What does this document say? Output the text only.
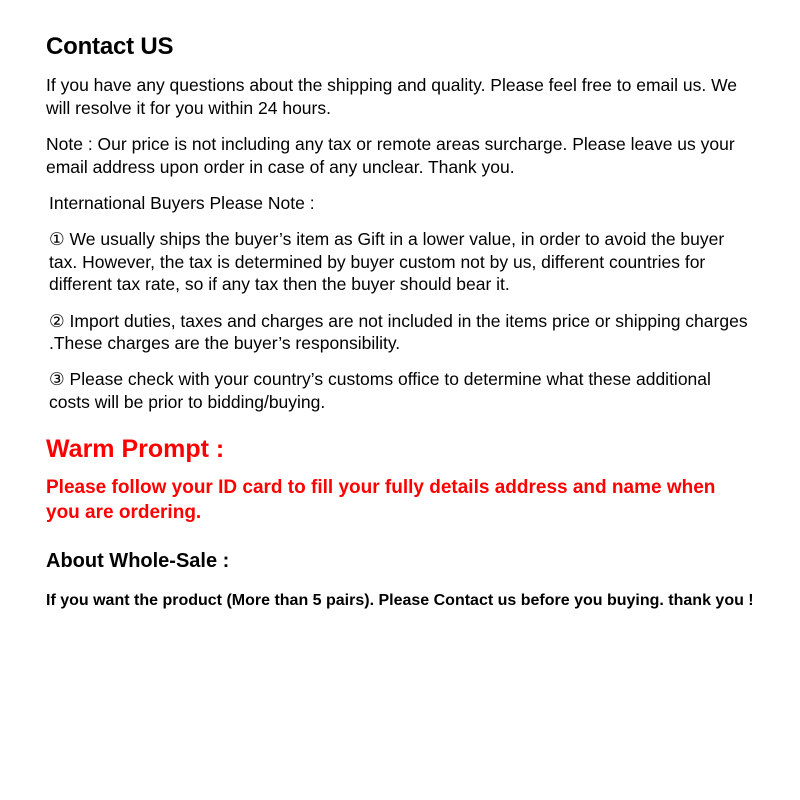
Contact US

If you have any questions about the shipping and quality. Please feel free to email us. We will resolve it for you within 24 hours.

Note : Our price is not including any tax or remote areas surcharge. Please leave us your email address upon order in case of any unclear. Thank you.

International Buyers Please Note :

① We usually ships the buyer’s item as Gift in a lower value, in order to avoid the buyer tax. However, the tax is determined by buyer custom not by us, different countries for different tax rate, so if any tax then the buyer should bear it.

② Import duties, taxes and charges are not included in the items price or shipping charges .These charges are the buyer’s responsibility.

③ Please check with your country’s customs office to determine what these additional costs will be prior to bidding/buying.

Warm Prompt :

Please follow your ID card to fill your fully details address and name when you are ordering.

About Whole-Sale :

If you want the product (More than 5 pairs). Please Contact us before you buying. thank you !
